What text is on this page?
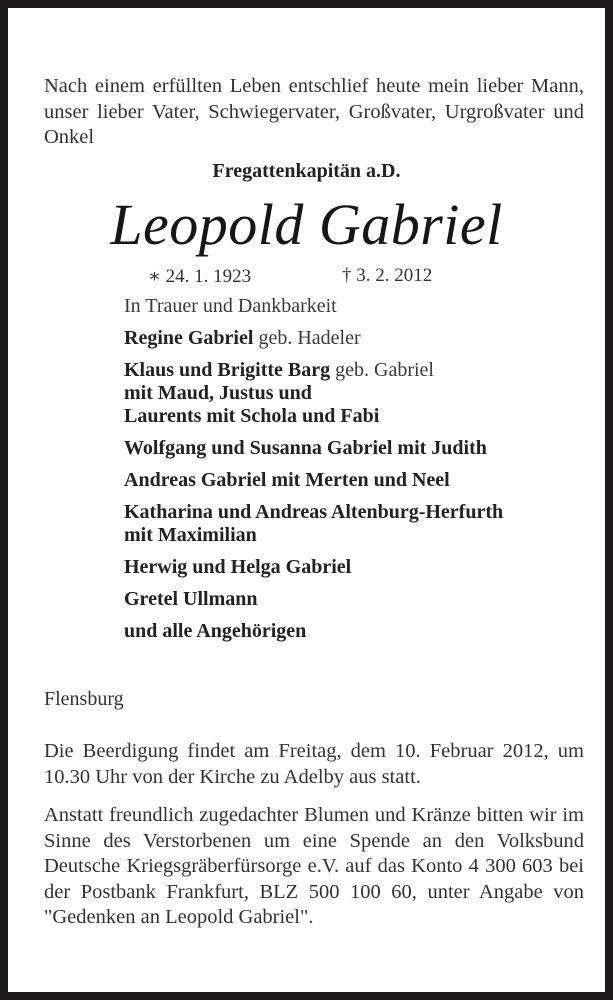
Nach einem erfüllten Leben entschlief heute mein lieber Mann, unser lieber Vater, Schwiegervater, Großvater, Urgroßvater und Onkel
Fregattenkapitän a.D.
Leopold Gabriel
∗ 24. 1. 1923	† 3. 2. 2012
In Trauer und Dankbarkeit
Regine Gabriel geb. Hadeler
Klaus und Brigitte Barg geb. Gabriel
mit Maud, Justus und
Laurents mit Schola und Fabi
Wolfgang und Susanna Gabriel mit Judith
Andreas Gabriel mit Merten und Neel
Katharina und Andreas Altenburg-Herfurth
mit Maximilian
Herwig und Helga Gabriel
Gretel Ullmann
und alle Angehörigen
Flensburg
Die Beerdigung findet am Freitag, dem 10. Februar 2012, um 10.30 Uhr von der Kirche zu Adelby aus statt.
Anstatt freundlich zugedachter Blumen und Kränze bitten wir im Sinne des Verstorbenen um eine Spende an den Volksbund Deutsche Kriegsgräberfürsorge e.V. auf das Konto 4 300 603 bei der Postbank Frankfurt, BLZ 500 100 60, unter Angabe von "Gedenken an Leopold Gabriel".
